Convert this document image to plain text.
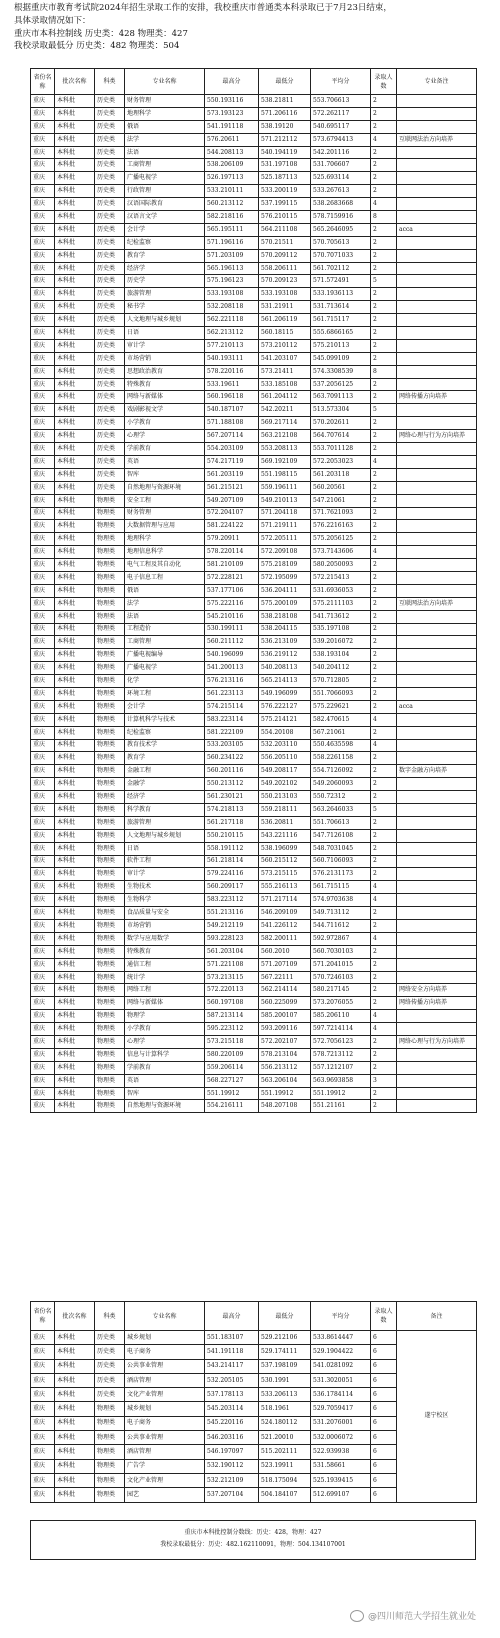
根据重庆市教育考试院2024年招生录取工作的安排，我校重庆市普通类本科录取已于7月23日结束，

具体录取情况如下：

重庆市本科控制线 历史类：428 物理类：427

我校录取最低分 历史类：482 物理类：504

省份名称	批次名称	科类	专业名称	最高分	最低分	平均分	录取人数	专业备注
重庆	本科批	历史类	财务管理	550.193116	538.21811	553.706613	2	
重庆	本科批	历史类	地理科学	573.193123	571.206116	572.262117	2	
重庆	本科批	历史类	俄语	541.191118	538.19120	540.695117	2	
重庆	本科批	历史类	法学	576.20611	571.212112	573.6794413	4	互联网法治方向培养
重庆	本科批	历史类	法语	544.208113	540.194119	542.201116	2	
重庆	本科批	历史类	工商管理	538.206109	531.197108	531.706607	2	
重庆	本科批	历史类	广播电视学	526.197113	525.187113	525.693114	2	
重庆	本科批	历史类	行政管理	533.210111	533.200119	533.267613	2	
重庆	本科批	历史类	汉语国际教育	560.213112	537.199115	538.2683668	4	
重庆	本科批	历史类	汉语言文学	582.218116	576.210115	578.7159916	8	
重庆	本科批	历史类	会计学	565.195111	564.211108	565.2646095	2	acca
重庆	本科批	历史类	纪检监察	571.196116	570.21511	570.705613	2	
重庆	本科批	历史类	教育学	571.203109	570.209112	570.7071033	2	
重庆	本科批	历史类	经济学	565.196113	558.206111	561.702112	2	
重庆	本科批	历史类	历史学	575.196123	570.209123	571.572491	5	
重庆	本科批	历史类	旅游管理	533.193108	533.193108	533.1936113	2	
重庆	本科批	历史类	秘书学	532.208118	531.21911	531.713614	2	
重庆	本科批	历史类	人文地理与城乡规划	562.221118	561.206119	561.715117	2	
重庆	本科批	历史类	日语	562.213112	560.18115	555.6866165	2	
重庆	本科批	历史类	审计学	577.210113	573.210112	575.210113	2	
重庆	本科批	历史类	市场营销	540.193111	541.203107	545.099109	2	
重庆	本科批	历史类	思想政治教育	578.220116	573.21411	574.3308539	8	
重庆	本科批	历史类	特殊教育	533.19611	533.185108	537.2056125	2	
重庆	本科批	历史类	网络与新媒体	560.196118	561.204112	563.7091113	2	网络传播方向培养
重庆	本科批	历史类	戏剧影视文学	540.187107	542.20211	513.573304	5	
重庆	本科批	历史类	小学教育	571.188108	569.217114	570.202611	2	
重庆	本科批	历史类	心理学	567.207114	563.212108	564.707614	2	网络心理与行为方向培养
重庆	本科批	历史类	学前教育	554.203109	553.208113	553.7011128	2	
重庆	本科批	历史类	英语	574.217119	569.192109	572.2053023	4	
重庆	本科批	历史类	智库	561.203119	551.198115	561.203118	2	
重庆	本科批	历史类	自然地理与资源环境	561.215121	559.196111	560.20561	2	
重庆	本科批	物理类	安全工程	549.207109	549.210113	547.21061	2	
重庆	本科批	物理类	财务管理	572.204107	571.204118	571.7621093	2	
重庆	本科批	物理类	大数据管理与应用	581.224122	571.219111	576.2216163	2	
重庆	本科批	物理类	地理科学	579.20911	572.205111	575.2056125	2	
重庆	本科批	物理类	地理信息科学	578.220114	572.209108	573.7143606	4	
重庆	本科批	物理类	电气工程及其自动化	581.210109	575.218109	580.2050093	2	
重庆	本科批	物理类	电子信息工程	572.228121	572.195099	572.215413	2	
重庆	本科批	物理类	俄语	537.177106	536.204111	531.6936053	2	
重庆	本科批	物理类	法学	575.222116	575.200109	575.2111103	2	互联网法治方向培养
重庆	本科批	物理类	法语	545.210116	538.218108	541.713612	2	
重庆	本科批	物理类	工程造价	530.199111	538.204115	535.197108	2	
重庆	本科批	物理类	工商管理	560.211112	536.213109	539.2016072	2	
重庆	本科批	物理类	广播电视编导	540.196099	536.219112	538.193104	2	
重庆	本科批	物理类	广播电视学	541.200113	540.208113	540.204112	2	
重庆	本科批	物理类	化学	576.213116	565.214113	570.712805	2	
重庆	本科批	物理类	环境工程	561.223113	549.196099	551.7066093	2	
重庆	本科批	物理类	会计学	574.215114	576.222127	575.229621	2	acca
重庆	本科批	物理类	计算机科学与技术	583.223114	575.214121	582.470615	4	
重庆	本科批	物理类	纪检监察	581.222109	554.20108	567.21061	2	
重庆	本科批	物理类	教育技术学	533.203105	532.203110	550.4635598	4	
重庆	本科批	物理类	教育学	560.234122	556.205110	558.2261158	2	
重庆	本科批	物理类	金融工程	560.201116	549.208117	554.7126092	2	数字金融方向培养
重庆	本科批	物理类	金融学	550.213112	549.202102	549.2060093	2	
重庆	本科批	物理类	经济学	561.230121	550.213103	550.72312	2	
重庆	本科批	物理类	科学教育	574.218113	559.218111	563.2646033	5	
重庆	本科批	物理类	旅游管理	561.217118	536.20811	551.706613	2	
重庆	本科批	物理类	人文地理与城乡规划	550.210115	543.221116	547.7126108	2	
重庆	本科批	物理类	日语	558.191112	538.196099	548.7031045	2	
重庆	本科批	物理类	软件工程	561.218114	560.215112	560.7106093	2	
重庆	本科批	物理类	审计学	579.224116	573.215115	576.2131173	2	
重庆	本科批	物理类	生物技术	560.209117	555.216113	561.715115	4	
重庆	本科批	物理类	生物科学	583.223112	571.217114	574.9703638	4	
重庆	本科批	物理类	食品质量与安全	551.213116	546.209109	549.713112	2	
重庆	本科批	物理类	市场营销	549.212119	541.226112	544.711612	2	
重庆	本科批	物理类	数学与应用数学	593.228123	582.200111	592.972867	4	
重庆	本科批	物理类	特殊教育	561.203104	560.2010	560.7030103	2	
重庆	本科批	物理类	通信工程	571.221108	571.207109	571.2041015	2	
重庆	本科批	物理类	统计学	573.213115	567.22111	570.7246103	2	
重庆	本科批	物理类	网络工程	572.220113	562.214114	580.217145	2	网络安全方向培养
重庆	本科批	物理类	网络与新媒体	560.197108	560.225099	573.2076055	2	网络传播方向培养
重庆	本科批	物理类	物理学	587.213114	585.200107	585.206110	4	
重庆	本科批	物理类	小学教育	595.223112	593.209116	597.7214114	4	
重庆	本科批	物理类	心理学	573.215118	572.202107	572.7056123	2	网络心理与行为方向培养
重庆	本科批	物理类	信息与计算科学	580.220109	578.213104	578.7213112	2	
重庆	本科批	物理类	学前教育	559.206114	556.213112	557.1212107	2	
重庆	本科批	物理类	英语	568.227127	563.206104	563.9693858	3	
重庆	本科批	物理类	智库	551.19912	551.19912	551.19912	2	
重庆	本科批	物理类	自然地理与资源环境	554.216111	548.207108	551.21161	2	
省份名称	批次名称	科类	专业名称	最高分	最低分	平均分	录取人数	备注
重庆	本科批	历史类	城乡规划	551.183107	529.212106	533.8614447	6	遂宁校区
重庆	本科批	历史类	电子商务	541.191118	529.174111	529.1904422	6	
重庆	本科批	历史类	公共事业管理	543.214117	537.198109	541.0281092	6	
重庆	本科批	历史类	酒店管理	532.205105	530.1991	531.3020051	6	
重庆	本科批	历史类	文化产业管理	537.178113	533.206113	536.1784114	6	
重庆	本科批	物理类	城乡规划	545.203114	518.1961	529.7059417	6	
重庆	本科批	物理类	电子商务	545.220116	524.180112	531.2076001	6	
重庆	本科批	物理类	公共事业管理	546.203116	521.20010	532.0006072	6	
重庆	本科批	物理类	酒店管理	546.197097	515.202111	522.939938	6	
重庆	本科批	物理类	广告学	532.190112	523.19911	531.58661	6	
重庆	本科批	物理类	文化产业管理	532.212109	518.175094	525.1939415	6	
重庆	本科批	物理类	园艺	537.207104	504.184107	512.699107	6	

重庆市本科批控制分数线：历史：428，物理：427

我校录取最低分：历史：482.162110091，物理：504.134107001

@四川师范大学招生就业处
